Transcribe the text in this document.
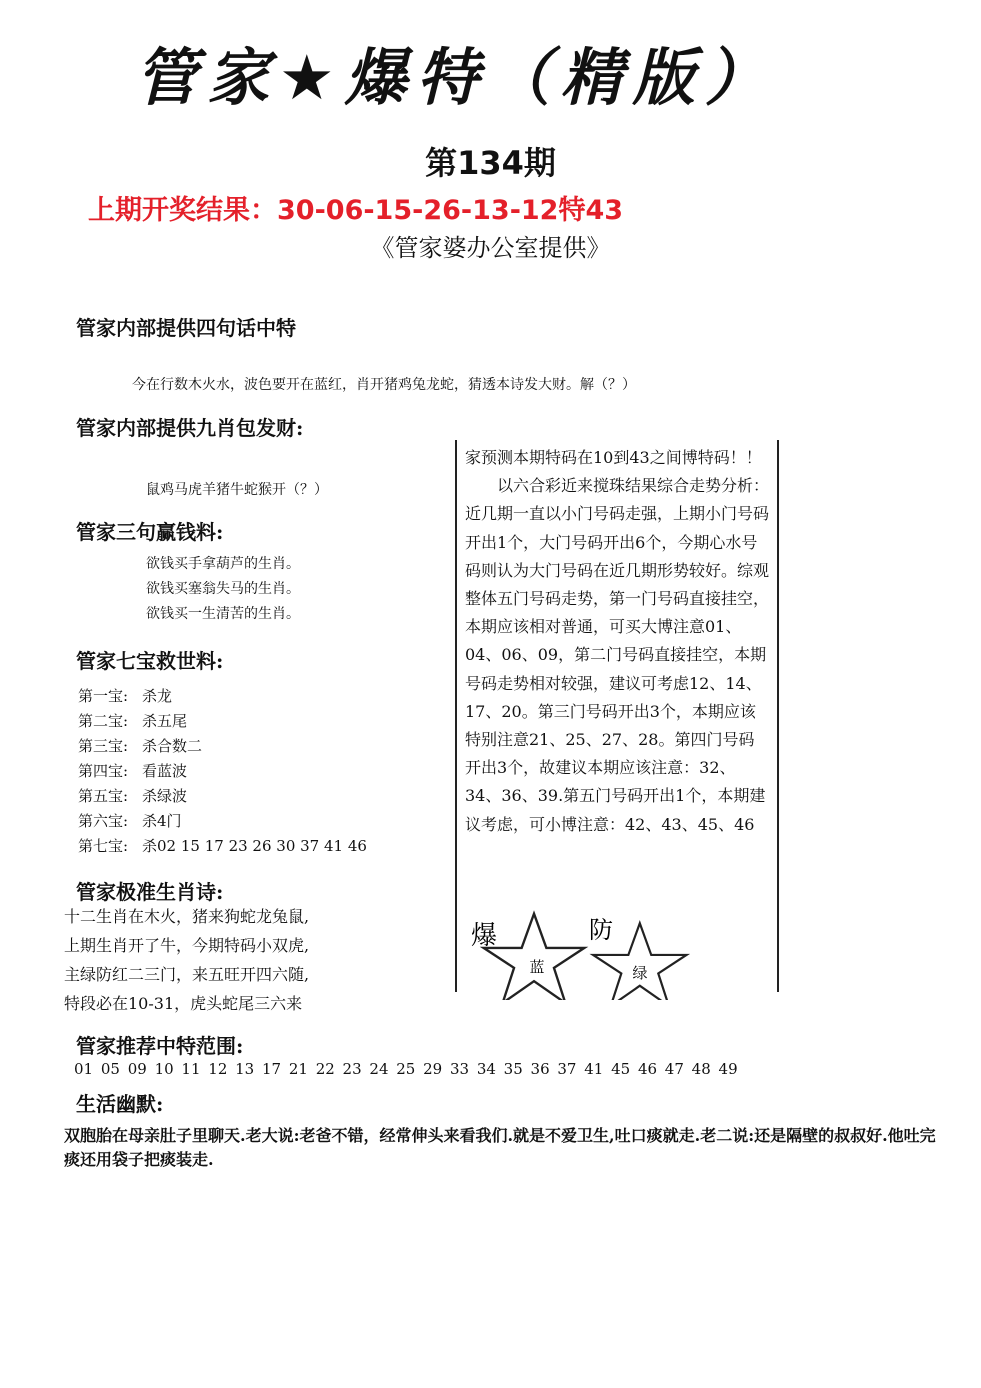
管家★爆特（精版）
第134期
上期开奖结果：30-06-15-26-13-12特43
《管家婆办公室提供》
管家内部提供四句话中特
今在行数木火水，波色要开在蓝红，肖开猪鸡兔龙蛇，猜透本诗发大财。解（？）
管家内部提供九肖包发财:
鼠鸡马虎羊猪牛蛇猴开（？）
管家三句赢钱料:
欲钱买手拿葫芦的生肖。
欲钱买塞翁失马的生肖。
欲钱买一生清苦的生肖。
管家七宝救世料:
第一宝: 杀龙
第二宝: 杀五尾
第三宝: 杀合数二
第四宝: 看蓝波
第五宝: 杀绿波
第六宝: 杀4门
第七宝: 杀02 15 17 23 26 30 37 41 46
管家极准生肖诗:
十二生肖在木火，猪来狗蛇龙兔鼠,
上期生肖开了牛，今期特码小双虎,
主绿防红二三门，来五旺开四六随,
特段必在10-31，虎头蛇尾三六来

家预测本期特码在10到43之间博特码！！

以六合彩近来搅珠结果综合走势分析：近几期一直以小门号码走强，上期小门号码开出1个，大门号码开出6个，今期心水号码则认为大门号码在近几期形势较好。综观整体五门号码走势，第一门号码直接挂空，本期应该相对普通，可买大博注意01、04、06、09，第二门号码直接挂空，本期号码走势相对较强，建议可考虑12、14、17、20。第三门号码开出3个，本期应该特别注意21、25、27、28。第四门号码开出3个，故建议本期应该注意：32、34、36、39.第五门号码开出1个，本期建议考虑，可小博注意：42、43、45、46

爆
蓝
防
绿
管家推荐中特范围:
01 05 09 10 11 12 13 17 21 22 23 24 25 29 33 34 35 36 37 41 45 46 47 48 49
生活幽默:
双胞胎在母亲肚子里聊天.老大说:老爸不错，经常伸头来看我们.就是不爱卫生,吐口痰就走.老二说:还是隔壁的叔叔好.他吐完痰还用袋子把痰装走.
